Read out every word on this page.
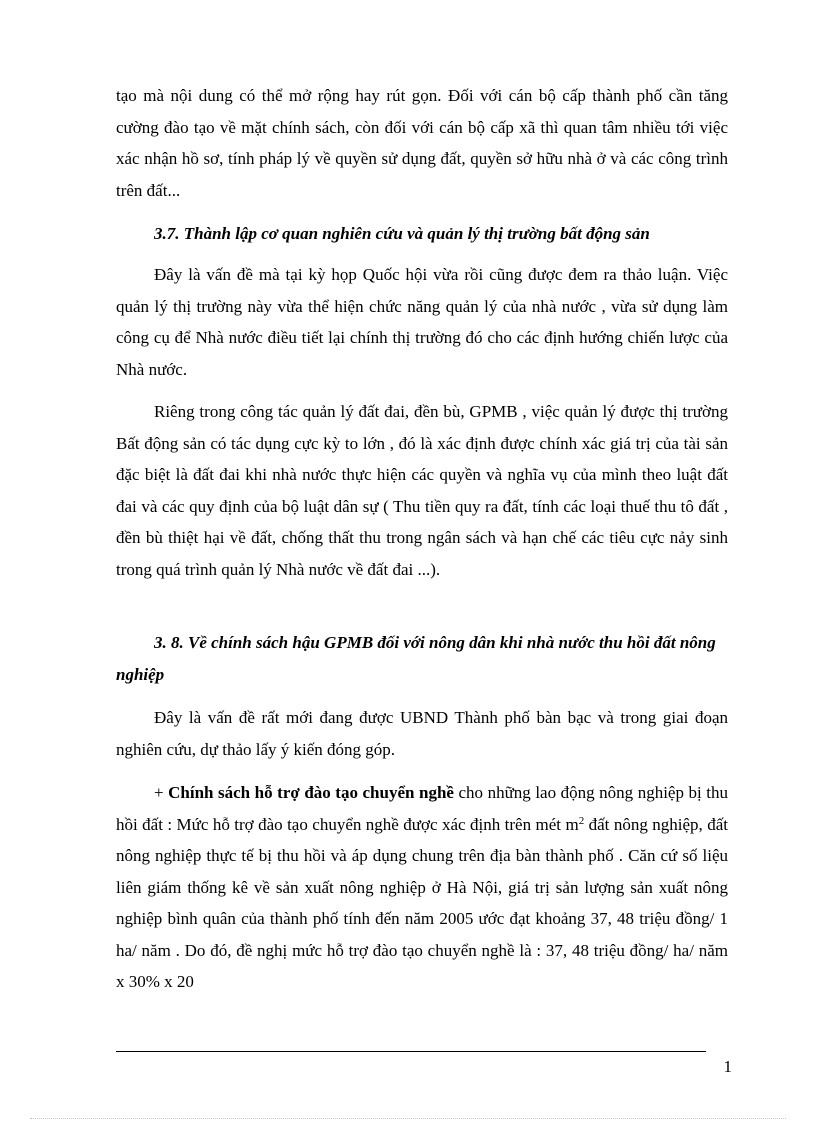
tạo mà nội dung có thể mở rộng hay rút gọn. Đối với cán bộ cấp thành phố cần tăng cường đào tạo về mặt chính sách, còn đối với cán bộ cấp xã thì quan tâm nhiều tới việc xác nhận hồ sơ, tính pháp lý về quyền sử dụng đất, quyền sở hữu nhà ở và các công trình trên đất...

3.7. Thành lập cơ quan nghiên cứu và quản lý thị trường bất động sản

Đây là vấn đề mà tại kỳ họp Quốc hội vừa rồi cũng được đem ra thảo luận. Việc quản lý thị trường này vừa thể hiện chức năng quản lý của nhà nước , vừa sử dụng làm công cụ để Nhà nước điều tiết lại chính thị trường đó cho các định hướng chiến lược của Nhà nước.

Riêng trong công tác quản lý đất đai, đền bù, GPMB , việc quản lý được thị trường Bất động sản có tác dụng cực kỳ to lớn , đó là xác định được chính xác giá trị của tài sản đặc biệt là đất đai khi nhà nước thực hiện các quyền và nghĩa vụ của mình theo luật đất đai và các quy định của bộ luật dân sự ( Thu tiền quy ra đất, tính các loại thuế thu tô đất , đền bù thiệt hại về đất, chống thất thu trong ngân sách và hạn chế các tiêu cực nảy sinh trong quá trình quản lý Nhà nước về đất đai ...).

3. 8. Về chính sách hậu GPMB đối với nông dân khi nhà nước thu hồi đất nông nghiệp

Đây là vấn đề rất mới đang được UBND Thành phố bàn bạc và trong giai đoạn nghiên cứu, dự thảo lấy ý kiến đóng góp.

+ Chính sách hỗ trợ đào tạo chuyển nghề cho những lao động nông nghiệp bị thu hồi đất : Mức hỗ trợ đào tạo chuyển nghề được xác định trên mét $m^2$ đất nông nghiệp, đất nông nghiệp thực tế bị thu hồi và áp dụng chung trên địa bàn thành phố . Căn cứ số liệu liên giám thống kê về sản xuất nông nghiệp ở Hà Nội, giá trị sản lượng sản xuất nông nghiệp bình quân của thành phố tính đến năm 2005 ước đạt khoảng 37, 48 triệu đồng/ 1 ha/ năm . Do đó, đề nghị mức hỗ trợ đào tạo chuyển nghề là : 37, 48 triệu đồng/ ha/ năm x 30% x 20

1
